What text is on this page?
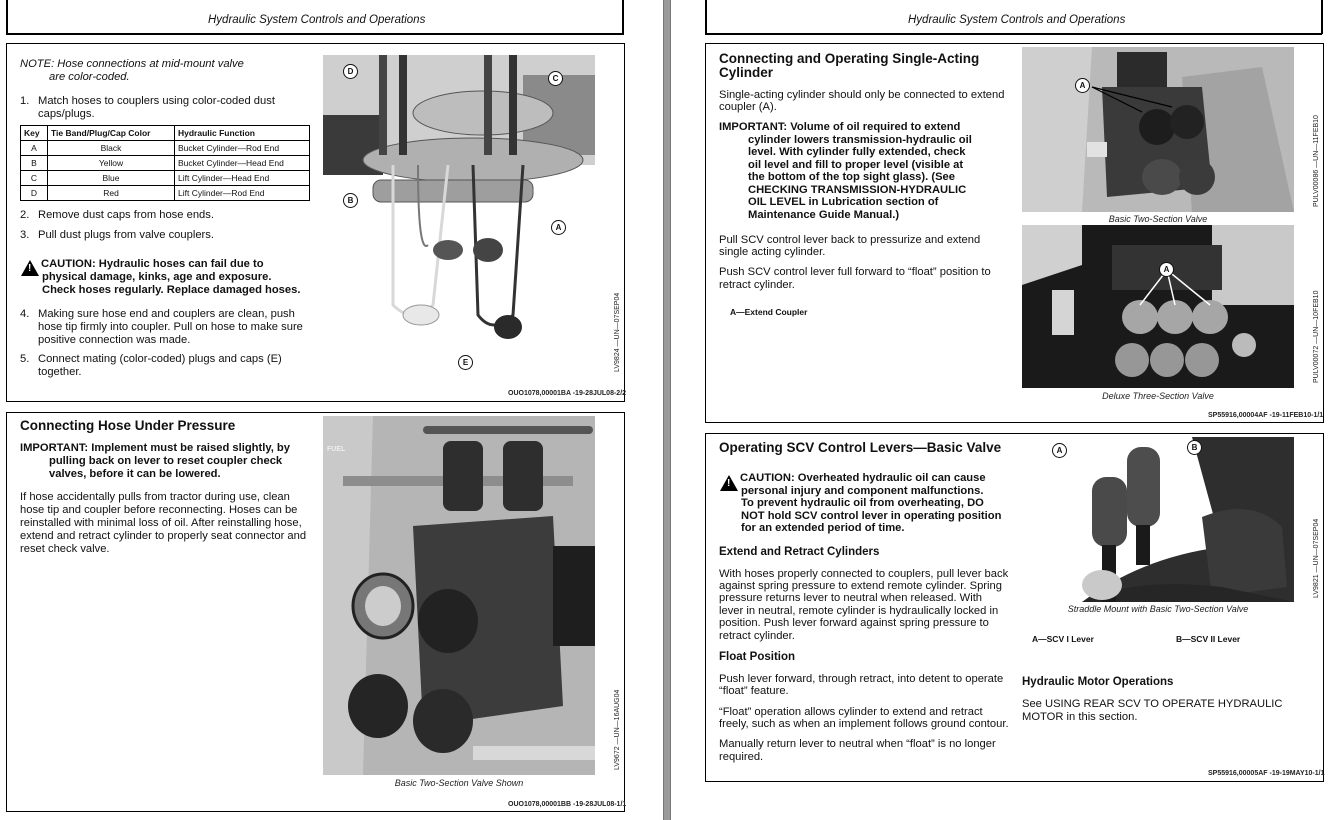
Hydraulic System Controls and Operations
NOTE: Hose connections at mid-mount valve
are color-coded.
1. Match hoses to couplers using color-coded dust
caps/plugs.
Key	Tie Band/Plug/Cap Color	Hydraulic Function
A	Black	Bucket Cylinder—Rod End
B	Yellow	Bucket Cylinder—Head End
C	Blue	Lift Cylinder—Head End
D	Red	Lift Cylinder—Rod End
2. Remove dust caps from hose ends.
3. Pull dust plugs from valve couplers.
! CAUTION: Hydraulic hoses can fail due to
physical damage, kinks, age and exposure.
Check hoses regularly. Replace damaged hoses.
4. Making sure hose end and couplers are clean, push
hose tip firmly into coupler. Pull on hose to make sure
positive connection was made.
5. Connect mating (color-coded) plugs and caps (E)
together.
D
C
B
A
E	LV9824 —UN—07SEP04
OUO1078,00001BA -19-28JUL08-2/2
Connecting Hose Under Pressure
IMPORTANT: Implement must be raised slightly, by
pulling back on lever to reset coupler check
valves, before it can be lowered.
If hose accidentally pulls from tractor during use, clean
hose tip and coupler before reconnecting. Hoses can be
reinstalled with minimal loss of oil. After reinstalling hose,
extend and retract cylinder to properly seat connector and
reset check valve.
FUEL
Basic Two-Section Valve Shown
LV9672 —UN—16AUG04
OUO1078,00001BB -19-28JUL08-1/1
Hydraulic System Controls and Operations
Connecting and Operating Single-Acting
Cylinder
Single-acting cylinder should only be connected to extend
coupler (A).
IMPORTANT: Volume of oil required to extend
cylinder lowers transmission-hydraulic oil
level. With cylinder fully extended, check
oil level and fill to proper level (visible at
the bottom of the top sight glass). (See
CHECKING TRANSMISSION-HYDRAULIC
OIL LEVEL in Lubrication section of
Maintenance Guide Manual.)
Pull SCV control lever back to pressurize and extend
single acting cylinder.
Push SCV control lever full forward to “float” position to
retract cylinder.
A—Extend Coupler
A
Basic Two-Section Valve
A
Deluxe Three-Section Valve
PULV00086 —UN—11FEB10
PULV00072 —UN—10FEB10
SP55916,00004AF -19-11FEB10-1/1
Operating SCV Control Levers—Basic Valve
! CAUTION: Overheated hydraulic oil can cause
personal injury and component malfunctions.
To prevent hydraulic oil from overheating, DO
NOT hold SCV control lever in operating position
for an extended period of time.
Extend and Retract Cylinders
With hoses properly connected to couplers, pull lever back
against spring pressure to extend remote cylinder. Spring
pressure returns lever to neutral when released. With
lever in neutral, remote cylinder is hydraulically locked in
position. Push lever forward against spring pressure to
retract cylinder.
Float Position
Push lever forward, through retract, into detent to operate
“float” feature.
“Float” operation allows cylinder to extend and retract
freely, such as when an implement follows ground contour.
Manually return lever to neutral when “float” is no longer
required.
A	B
Straddle Mount with Basic Two-Section Valve
LV9821 —UN—07SEP04
A—SCV I Lever	B—SCV II Lever
Hydraulic Motor Operations
See USING REAR SCV TO OPERATE HYDRAULIC
MOTOR in this section.
SP55916,00005AF -19-19MAY10-1/1
